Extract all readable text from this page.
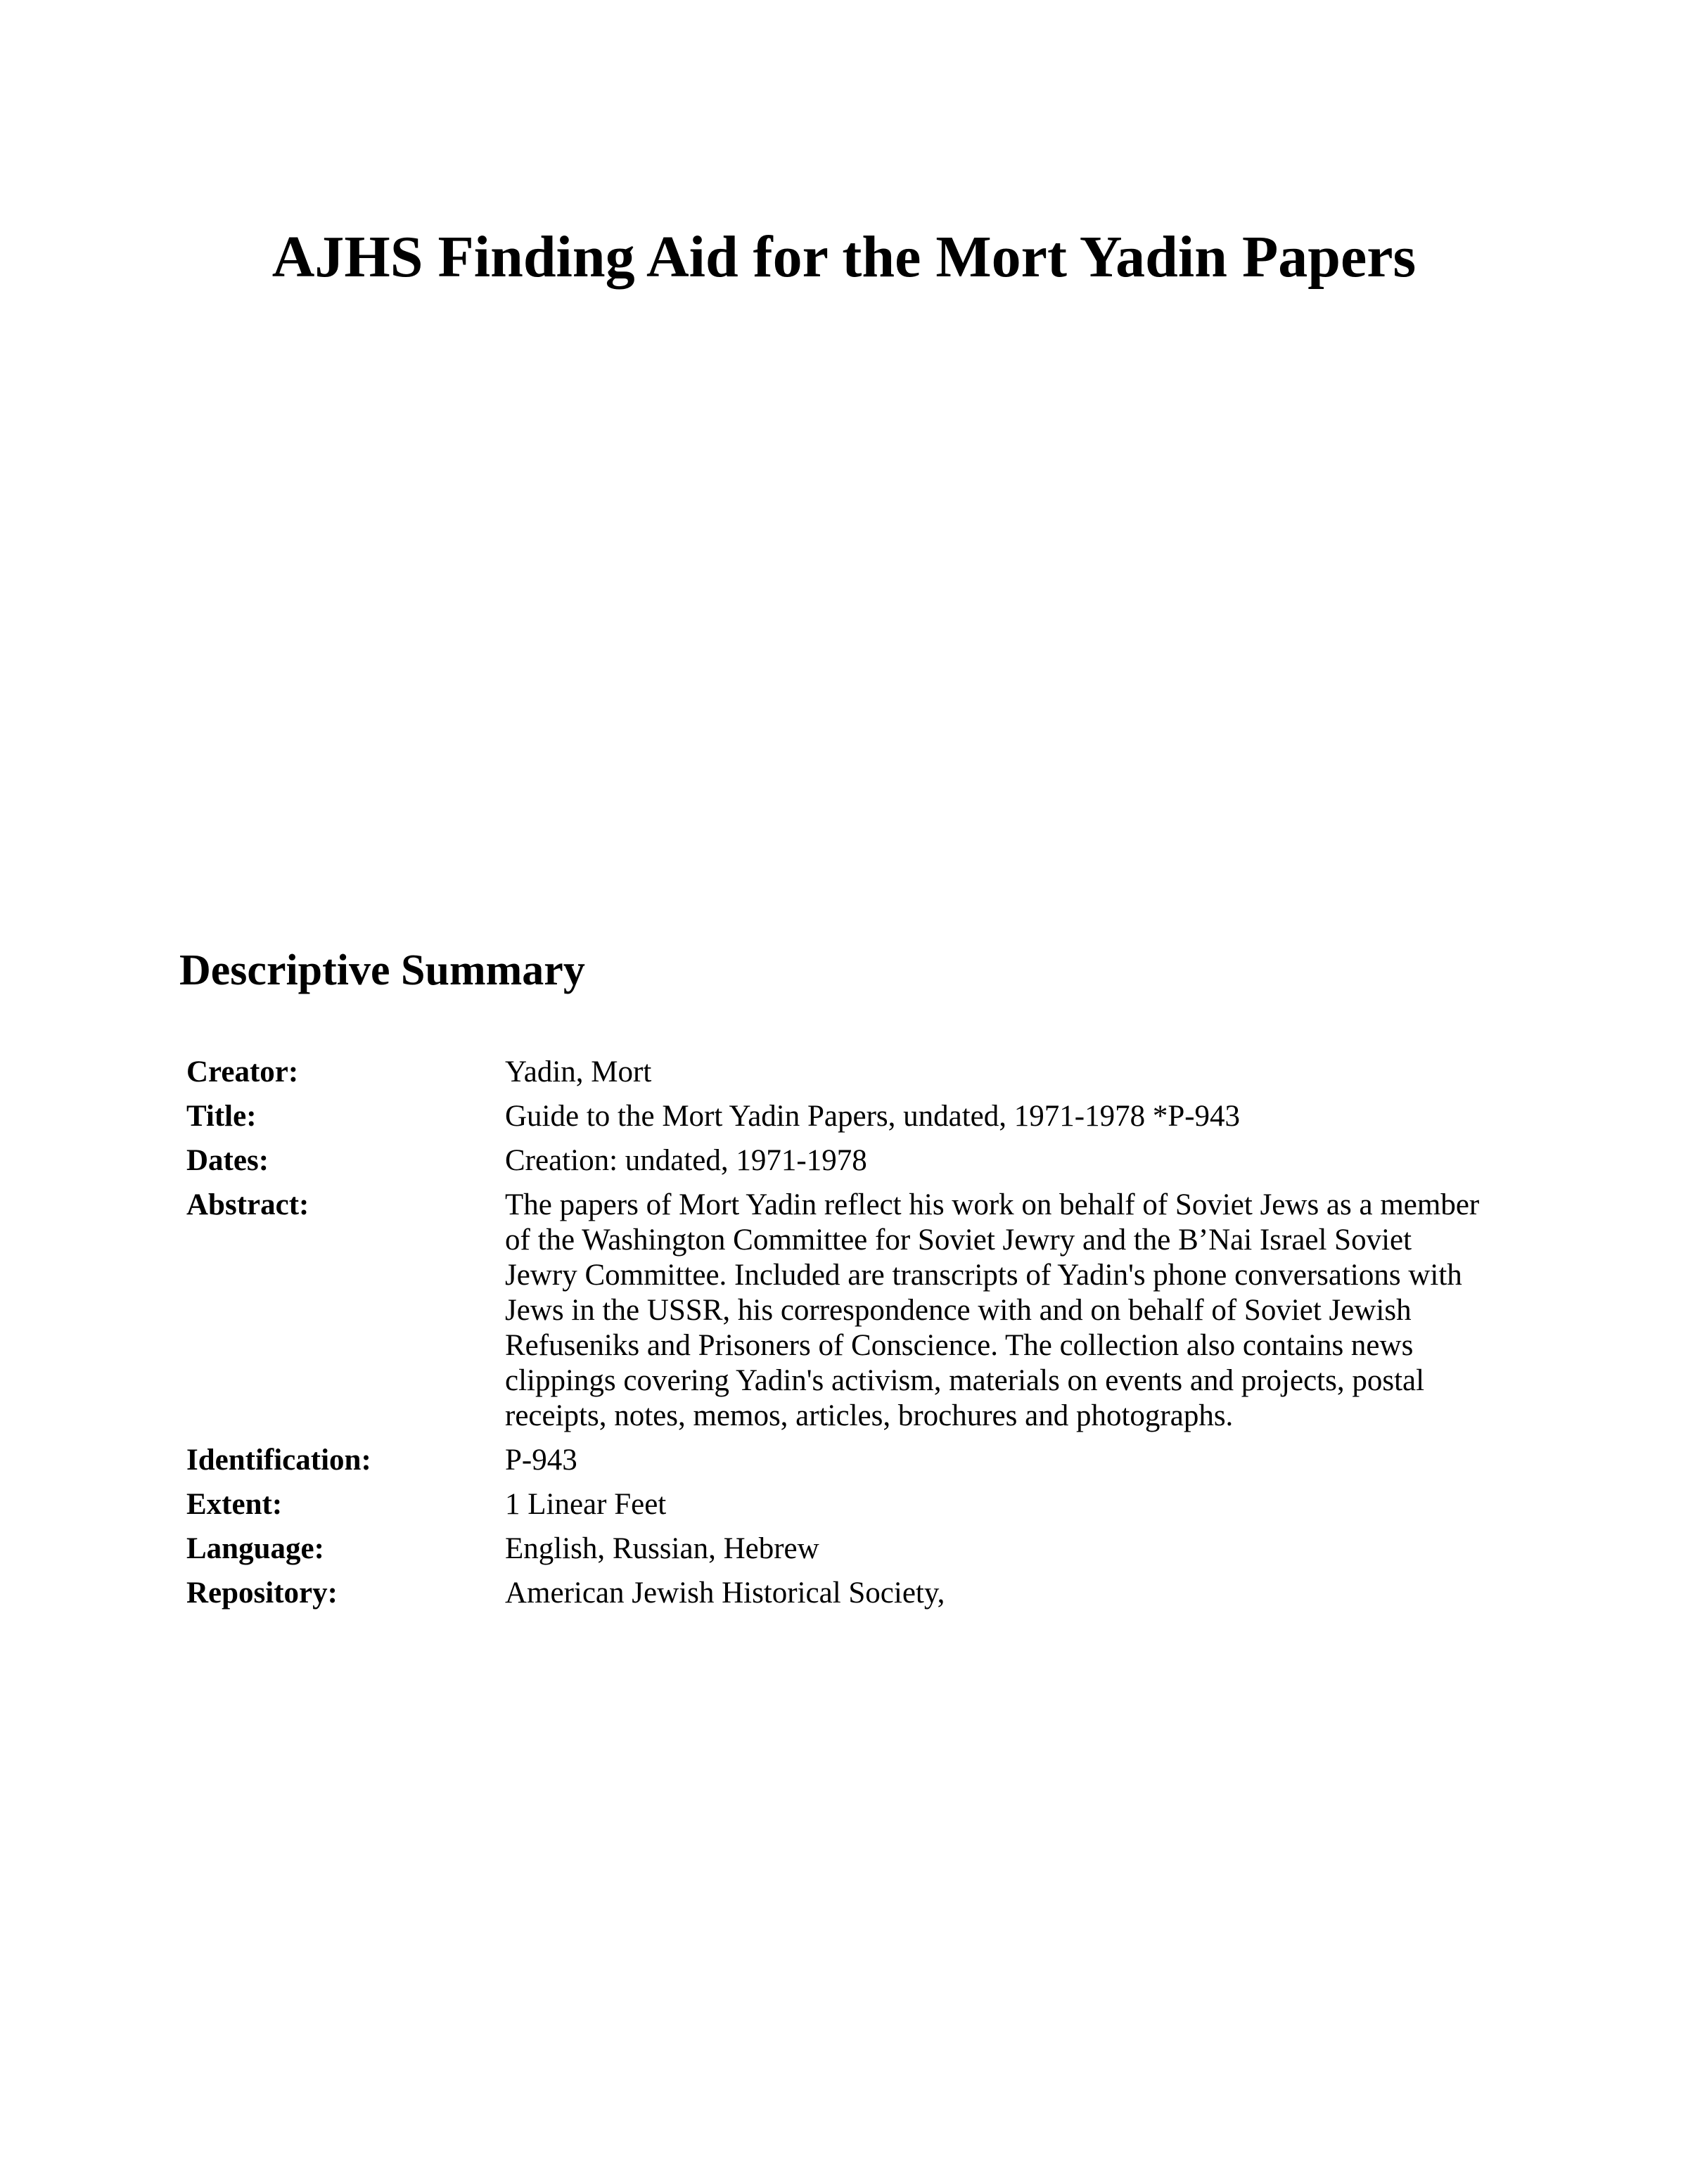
AJHS Finding Aid for the Mort Yadin Papers
Descriptive Summary
Creator:	Yadin, Mort
Title:	Guide to the Mort Yadin Papers, undated, 1971-1978 *P-943
Dates:	Creation: undated, 1971-1978
Abstract:	The papers of Mort Yadin reflect his work on behalf of Soviet Jews as a member of the Washington Committee for Soviet Jewry and the B’Nai Israel Soviet Jewry Committee. Included are transcripts of Yadin's phone conversations with Jews in the USSR, his correspondence with and on behalf of Soviet Jewish Refuseniks and Prisoners of Conscience. The collection also contains news clippings covering Yadin's activism, materials on events and projects, postal receipts, notes, memos, articles, brochures and photographs.
Identification:	P-943
Extent:	1 Linear Feet
Language:	English, Russian, Hebrew
Repository:	American Jewish Historical Society,
